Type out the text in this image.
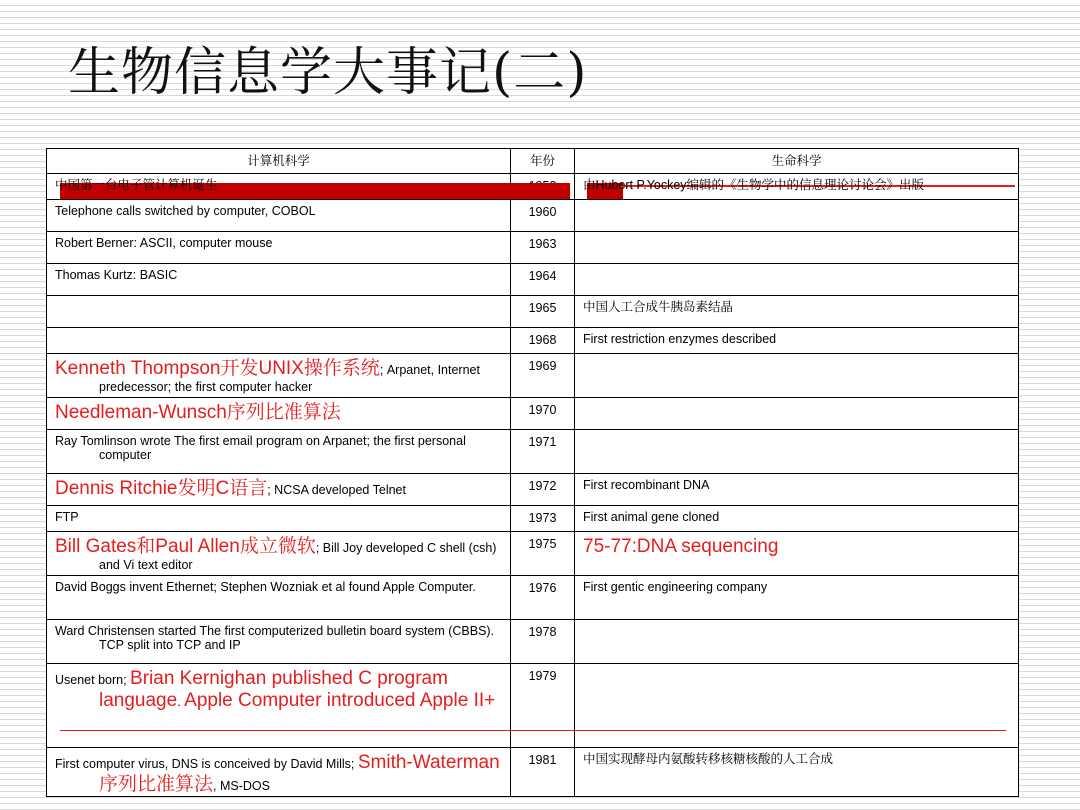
生物信息学大事记(二)
计算机科学	年份	生命科学
中国第一台电子管计算机诞生		由Hubert P.Yockey编辑的《生物学中的信息理论讨论会》出版
Telephone calls switched by computer, COBOL	1960	
Robert Berner: ASCII, computer mouse	1963	
Thomas Kurtz: BASIC	1964	
	1965	中国人工合成牛胰岛素结晶
	1968	First restriction enzymes described
Kenneth Thompson开发UNIX操作系统; Arpanet, Internet predecessor; the first computer hacker	1969	
Needleman-Wunsch序列比准算法	1970	
Ray Tomlinson wrote The first email program on Arpanet; the first personal computer	1971	
Dennis Ritchie发明C语言; NCSA developed Telnet	1972	First recombinant DNA
FTP	1973	First animal gene cloned
Bill Gates和Paul Allen成立微软; Bill Joy developed C shell (csh) and Vi text editor	1975	75-77:DNA sequencing
David Boggs invent Ethernet; Stephen Wozniak et al found Apple Computer.	1976	First gentic engineering company
Ward Christensen started The first computerized bulletin board system (CBBS). TCP split into TCP and IP	1978	
Usenet born; Brian Kernighan published C program language. Apple Computer introduced Apple II+	1979	
First computer virus, DNS is conceived by David Mills; Smith-Waterman序列比准算法, MS-DOS	1981	中国实现酵母内氨酸转移核糖核酸的人工合成
